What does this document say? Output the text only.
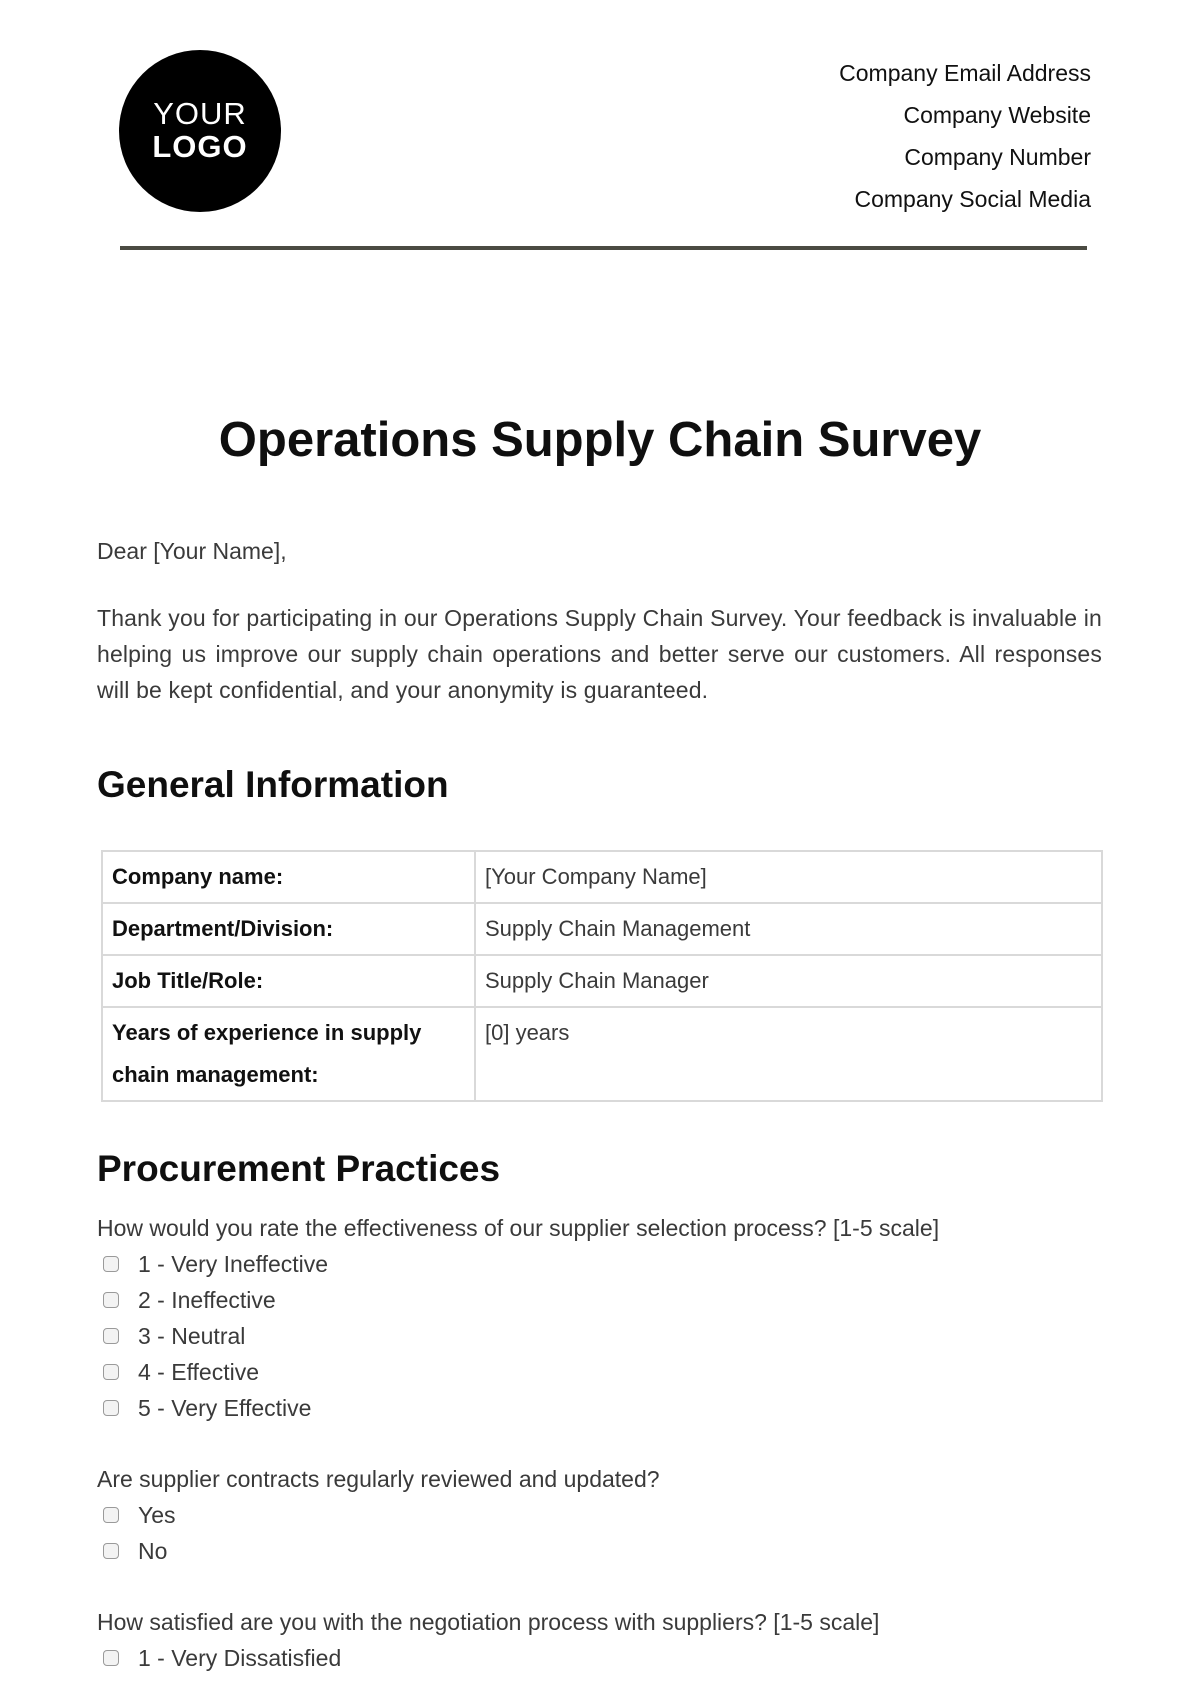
YOUR
LOGO
Company Email Address
Company Website
Company Number
Company Social Media
Operations Supply Chain Survey

Dear [Your Name],

Thank you for participating in our Operations Supply Chain Survey. Your feedback is invaluable in helping us improve our supply chain operations and better serve our customers. All responses will be kept confidential, and your anonymity is guaranteed.

General Information
Company name:	[Your Company Name]
Department/Division:	Supply Chain Management
Job Title/Role:	Supply Chain Manager
Years of experience in supply chain management:	[0] years
Procurement Practices

How would you rate the effectiveness of our supplier selection process? [1-5 scale]

1 - Very Ineffective
2 - Ineffective
3 - Neutral
4 - Effective
5 - Very Effective

Are supplier contracts regularly reviewed and updated?

Yes
No

How satisfied are you with the negotiation process with suppliers? [1-5 scale]

1 - Very Dissatisfied
